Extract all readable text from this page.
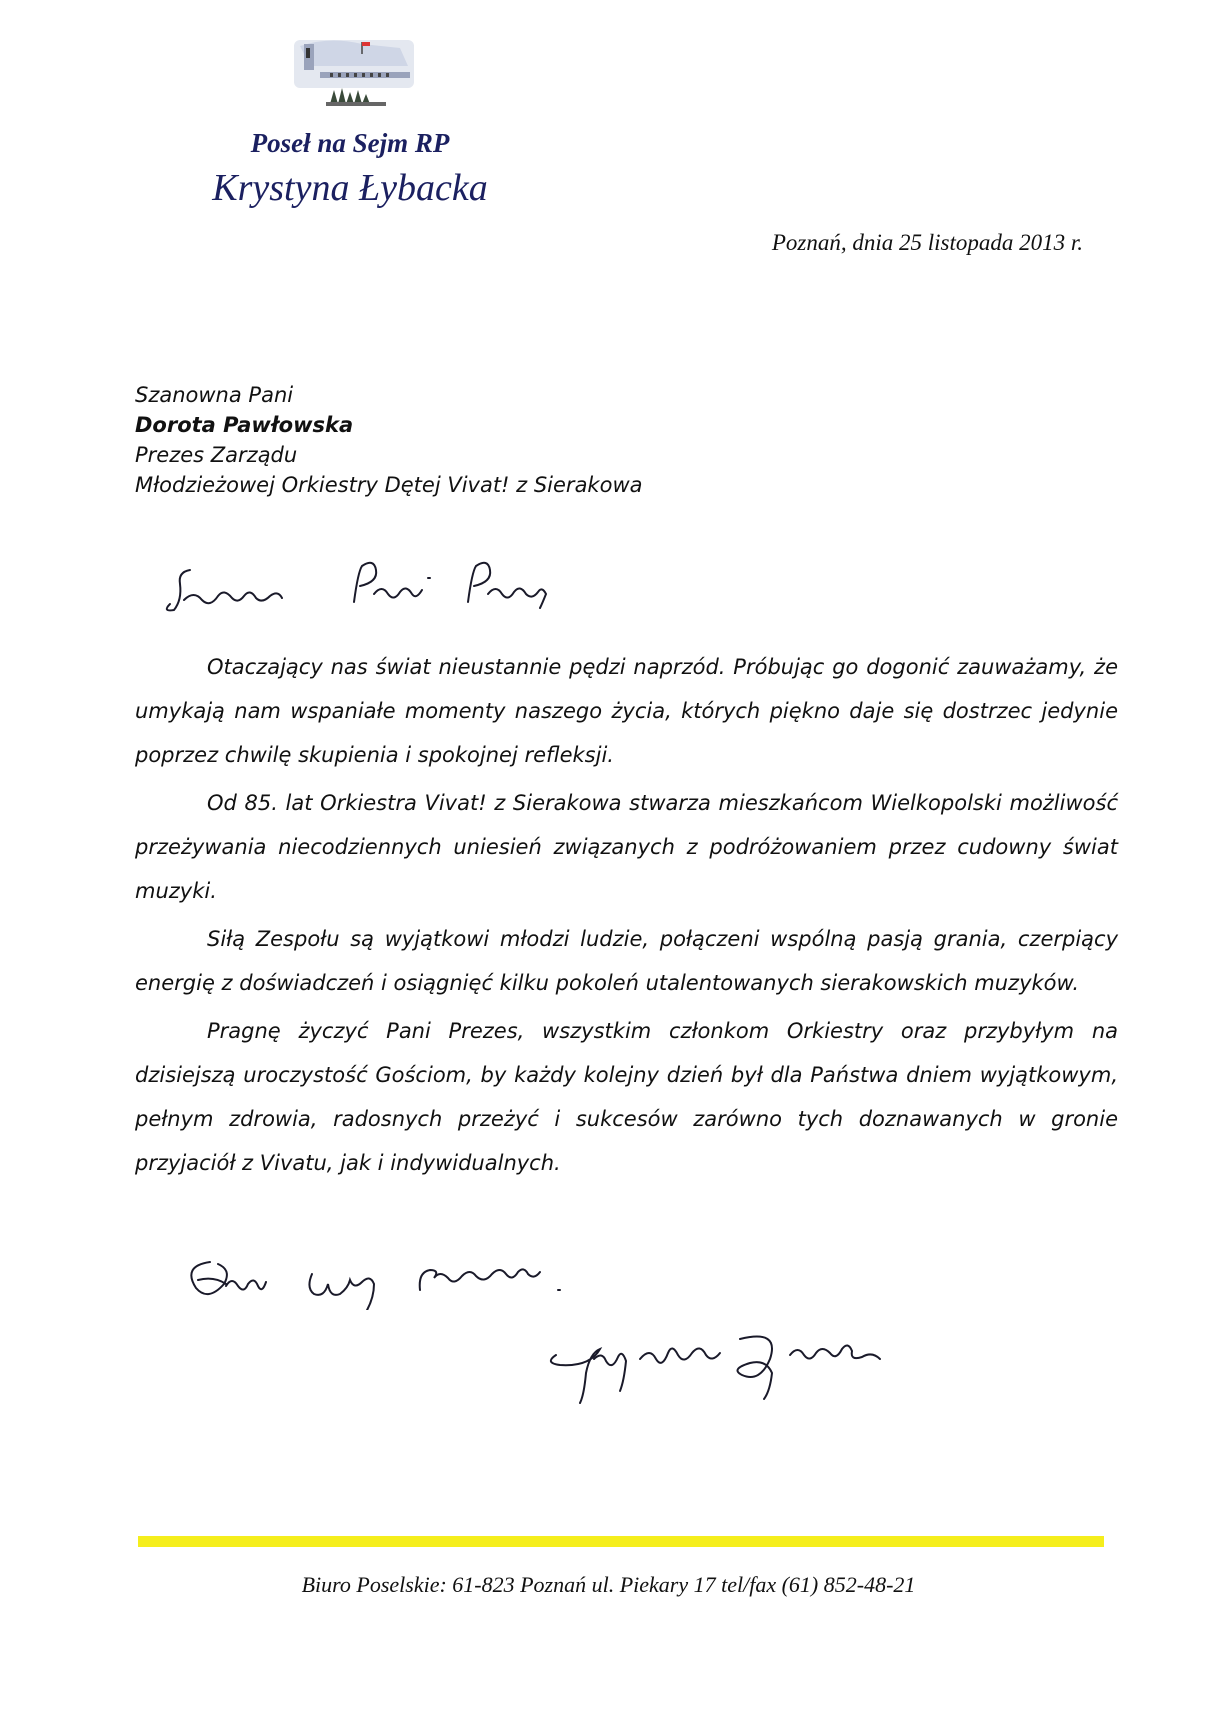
Poseł na Sejm RP
Krystyna Łybacka
Poznań, dnia 25 listopada 2013 r.
Szanowna Pani
Dorota Pawłowska
Prezes Zarządu
Młodzieżowej Orkiestry Dętej Vivat! z Sierakowa

Otaczający nas świat nieustannie pędzi naprzód. Próbując go dogonić zauważamy, że umykają nam wspaniałe momenty naszego życia, których piękno daje się dostrzec jedynie poprzez chwilę skupienia i spokojnej refleksji.

Od 85. lat Orkiestra Vivat! z Sierakowa stwarza mieszkańcom Wielkopolski możliwość przeżywania niecodziennych uniesień związanych z podróżowaniem przez cudowny świat muzyki.

Siłą Zespołu są wyjątkowi młodzi ludzie, połączeni wspólną pasją grania, czerpiący energię z doświadczeń i osiągnięć kilku pokoleń utalentowanych sierakowskich muzyków.

Pragnę życzyć Pani Prezes, wszystkim członkom Orkiestry oraz przybyłym na dzisiejszą uroczystość Gościom, by każdy kolejny dzień był dla Państwa dniem wyjątkowym, pełnym zdrowia, radosnych przeżyć i sukcesów zarówno tych doznawanych w gronie przyjaciół z Vivatu, jak i indywidualnych.

Biuro Poselskie: 61-823 Poznań ul. Piekary 17 tel/fax (61) 852-48-21
